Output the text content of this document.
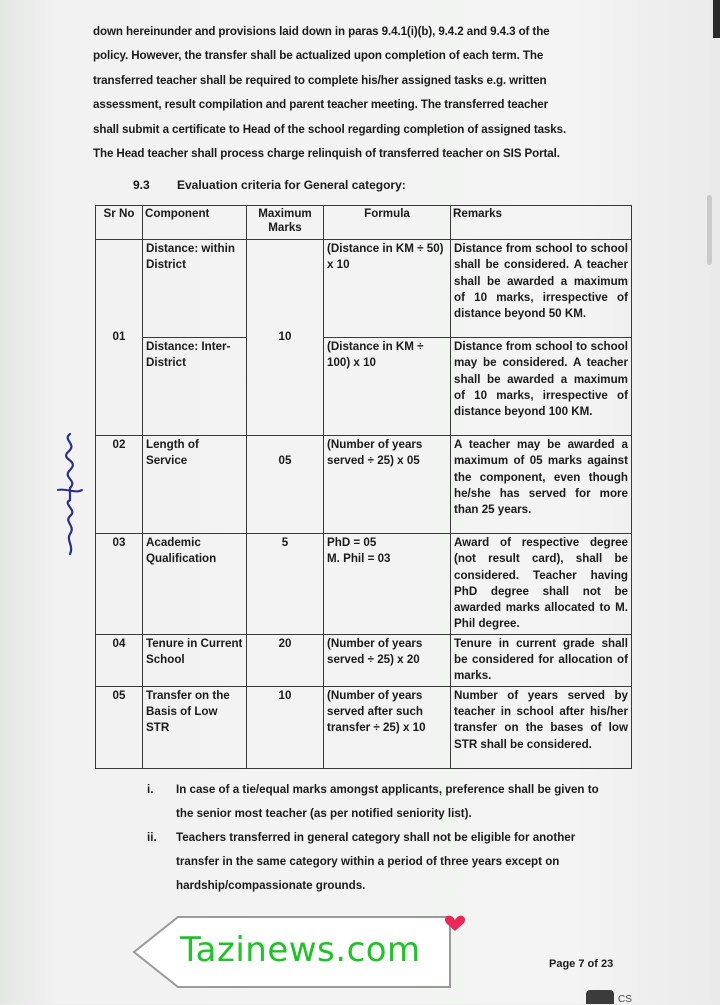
down hereinunder and provisions laid down in paras 9.4.1(i)(b), 9.4.2 and 9.4.3 of the
policy. However, the transfer shall be actualized upon completion of each term. The
transferred teacher shall be required to complete his/her assigned tasks e.g. written
assessment, result compilation and parent teacher meeting. The transferred teacher
shall submit a certificate to Head of the school regarding completion of assigned tasks.
The Head teacher shall process charge relinquish of transferred teacher on SIS Portal.
9.3 Evaluation criteria for General category:
Sr No	Component	Maximum Marks	Formula	Remarks
01	Distance: within District	10	(Distance in KM ÷ 50) x 10	Distance from school to school shall be considered. A teacher shall be awarded a maximum of 10 marks, irrespective of distance beyond 50 KM.
	Distance: Inter-District		(Distance in KM ÷ 100) x 10	Distance from school to school may be considered. A teacher shall be awarded a maximum of 10 marks, irrespective of distance beyond 100 KM.
02	Length of Service	05	(Number of years served ÷ 25) x 05	A teacher may be awarded a maximum of 05 marks against the component, even though he/she has served for more than 25 years.
03	Academic Qualification	5	PhD = 05
M. Phil = 03	Award of respective degree (not result card), shall be considered. Teacher having PhD degree shall not be awarded marks allocated to M. Phil degree.
04	Tenure in Current School	20	(Number of years served ÷ 25) x 20	Tenure in current grade shall be considered for allocation of marks.
05	Transfer on the Basis of Low STR	10	(Number of years served after such transfer ÷ 25) x 10	Number of years served by teacher in school after his/her transfer on the bases of low STR shall be considered.
i. In case of a tie/equal marks amongst applicants, preference shall be given to the senior most teacher (as per notified seniority list).
ii. Teachers transferred in general category shall not be eligible for another transfer in the same category within a period of three years except on hardship/compassionate grounds.
Tazinews.com	Page 7 of 23
CS
